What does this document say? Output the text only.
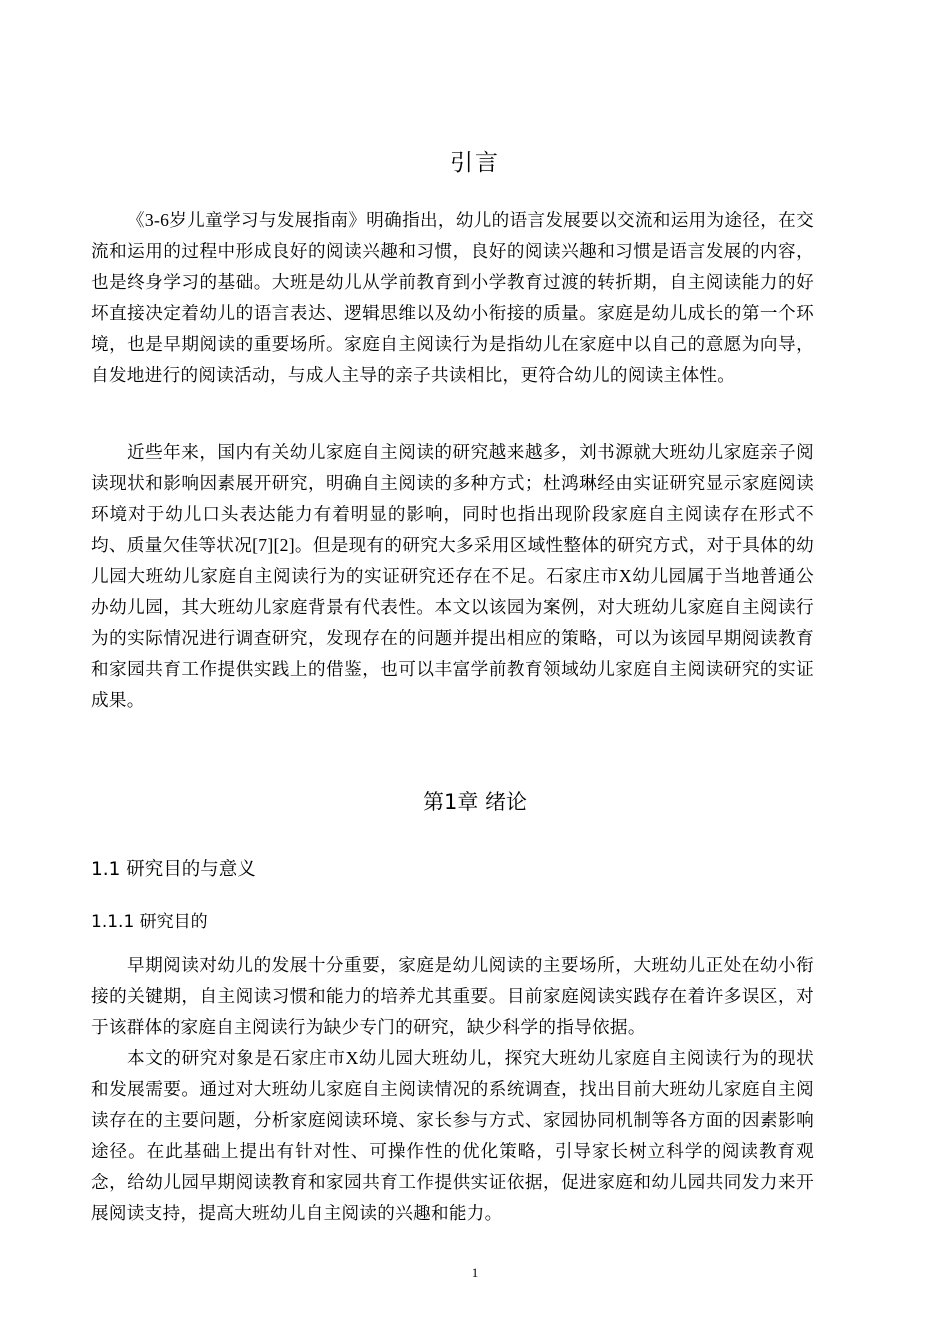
引言

《3-6岁儿童学习与发展指南》明确指出，幼儿的语言发展要以交流和运用为途径，在交流和运用的过程中形成良好的阅读兴趣和习惯，良好的阅读兴趣和习惯是语言发展的内容，也是终身学习的基础。大班是幼儿从学前教育到小学教育过渡的转折期，自主阅读能力的好坏直接决定着幼儿的语言表达、逻辑思维以及幼小衔接的质量。家庭是幼儿成长的第一个环境，也是早期阅读的重要场所。家庭自主阅读行为是指幼儿在家庭中以自己的意愿为向导，自发地进行的阅读活动，与成人主导的亲子共读相比，更符合幼儿的阅读主体性。

近些年来，国内有关幼儿家庭自主阅读的研究越来越多，刘书源就大班幼儿家庭亲子阅读现状和影响因素展开研究，明确自主阅读的多种方式；杜鸿琳经由实证研究显示家庭阅读环境对于幼儿口头表达能力有着明显的影响，同时也指出现阶段家庭自主阅读存在形式不均、质量欠佳等状况[7][2]。但是现有的研究大多采用区域性整体的研究方式，对于具体的幼儿园大班幼儿家庭自主阅读行为的实证研究还存在不足。石家庄市X幼儿园属于当地普通公办幼儿园，其大班幼儿家庭背景有代表性。本文以该园为案例，对大班幼儿家庭自主阅读行为的实际情况进行调查研究，发现存在的问题并提出相应的策略，可以为该园早期阅读教育和家园共育工作提供实践上的借鉴，也可以丰富学前教育领域幼儿家庭自主阅读研究的实证成果。

第1章 绪论
1.1 研究目的与意义
1.1.1 研究目的

早期阅读对幼儿的发展十分重要，家庭是幼儿阅读的主要场所，大班幼儿正处在幼小衔接的关键期，自主阅读习惯和能力的培养尤其重要。目前家庭阅读实践存在着许多误区，对于该群体的家庭自主阅读行为缺少专门的研究，缺少科学的指导依据。

本文的研究对象是石家庄市X幼儿园大班幼儿，探究大班幼儿家庭自主阅读行为的现状和发展需要。通过对大班幼儿家庭自主阅读情况的系统调查，找出目前大班幼儿家庭自主阅读存在的主要问题，分析家庭阅读环境、家长参与方式、家园协同机制等各方面的因素影响途径。在此基础上提出有针对性、可操作性的优化策略，引导家长树立科学的阅读教育观念，给幼儿园早期阅读教育和家园共育工作提供实证依据，促进家庭和幼儿园共同发力来开展阅读支持，提高大班幼儿自主阅读的兴趣和能力。

1
